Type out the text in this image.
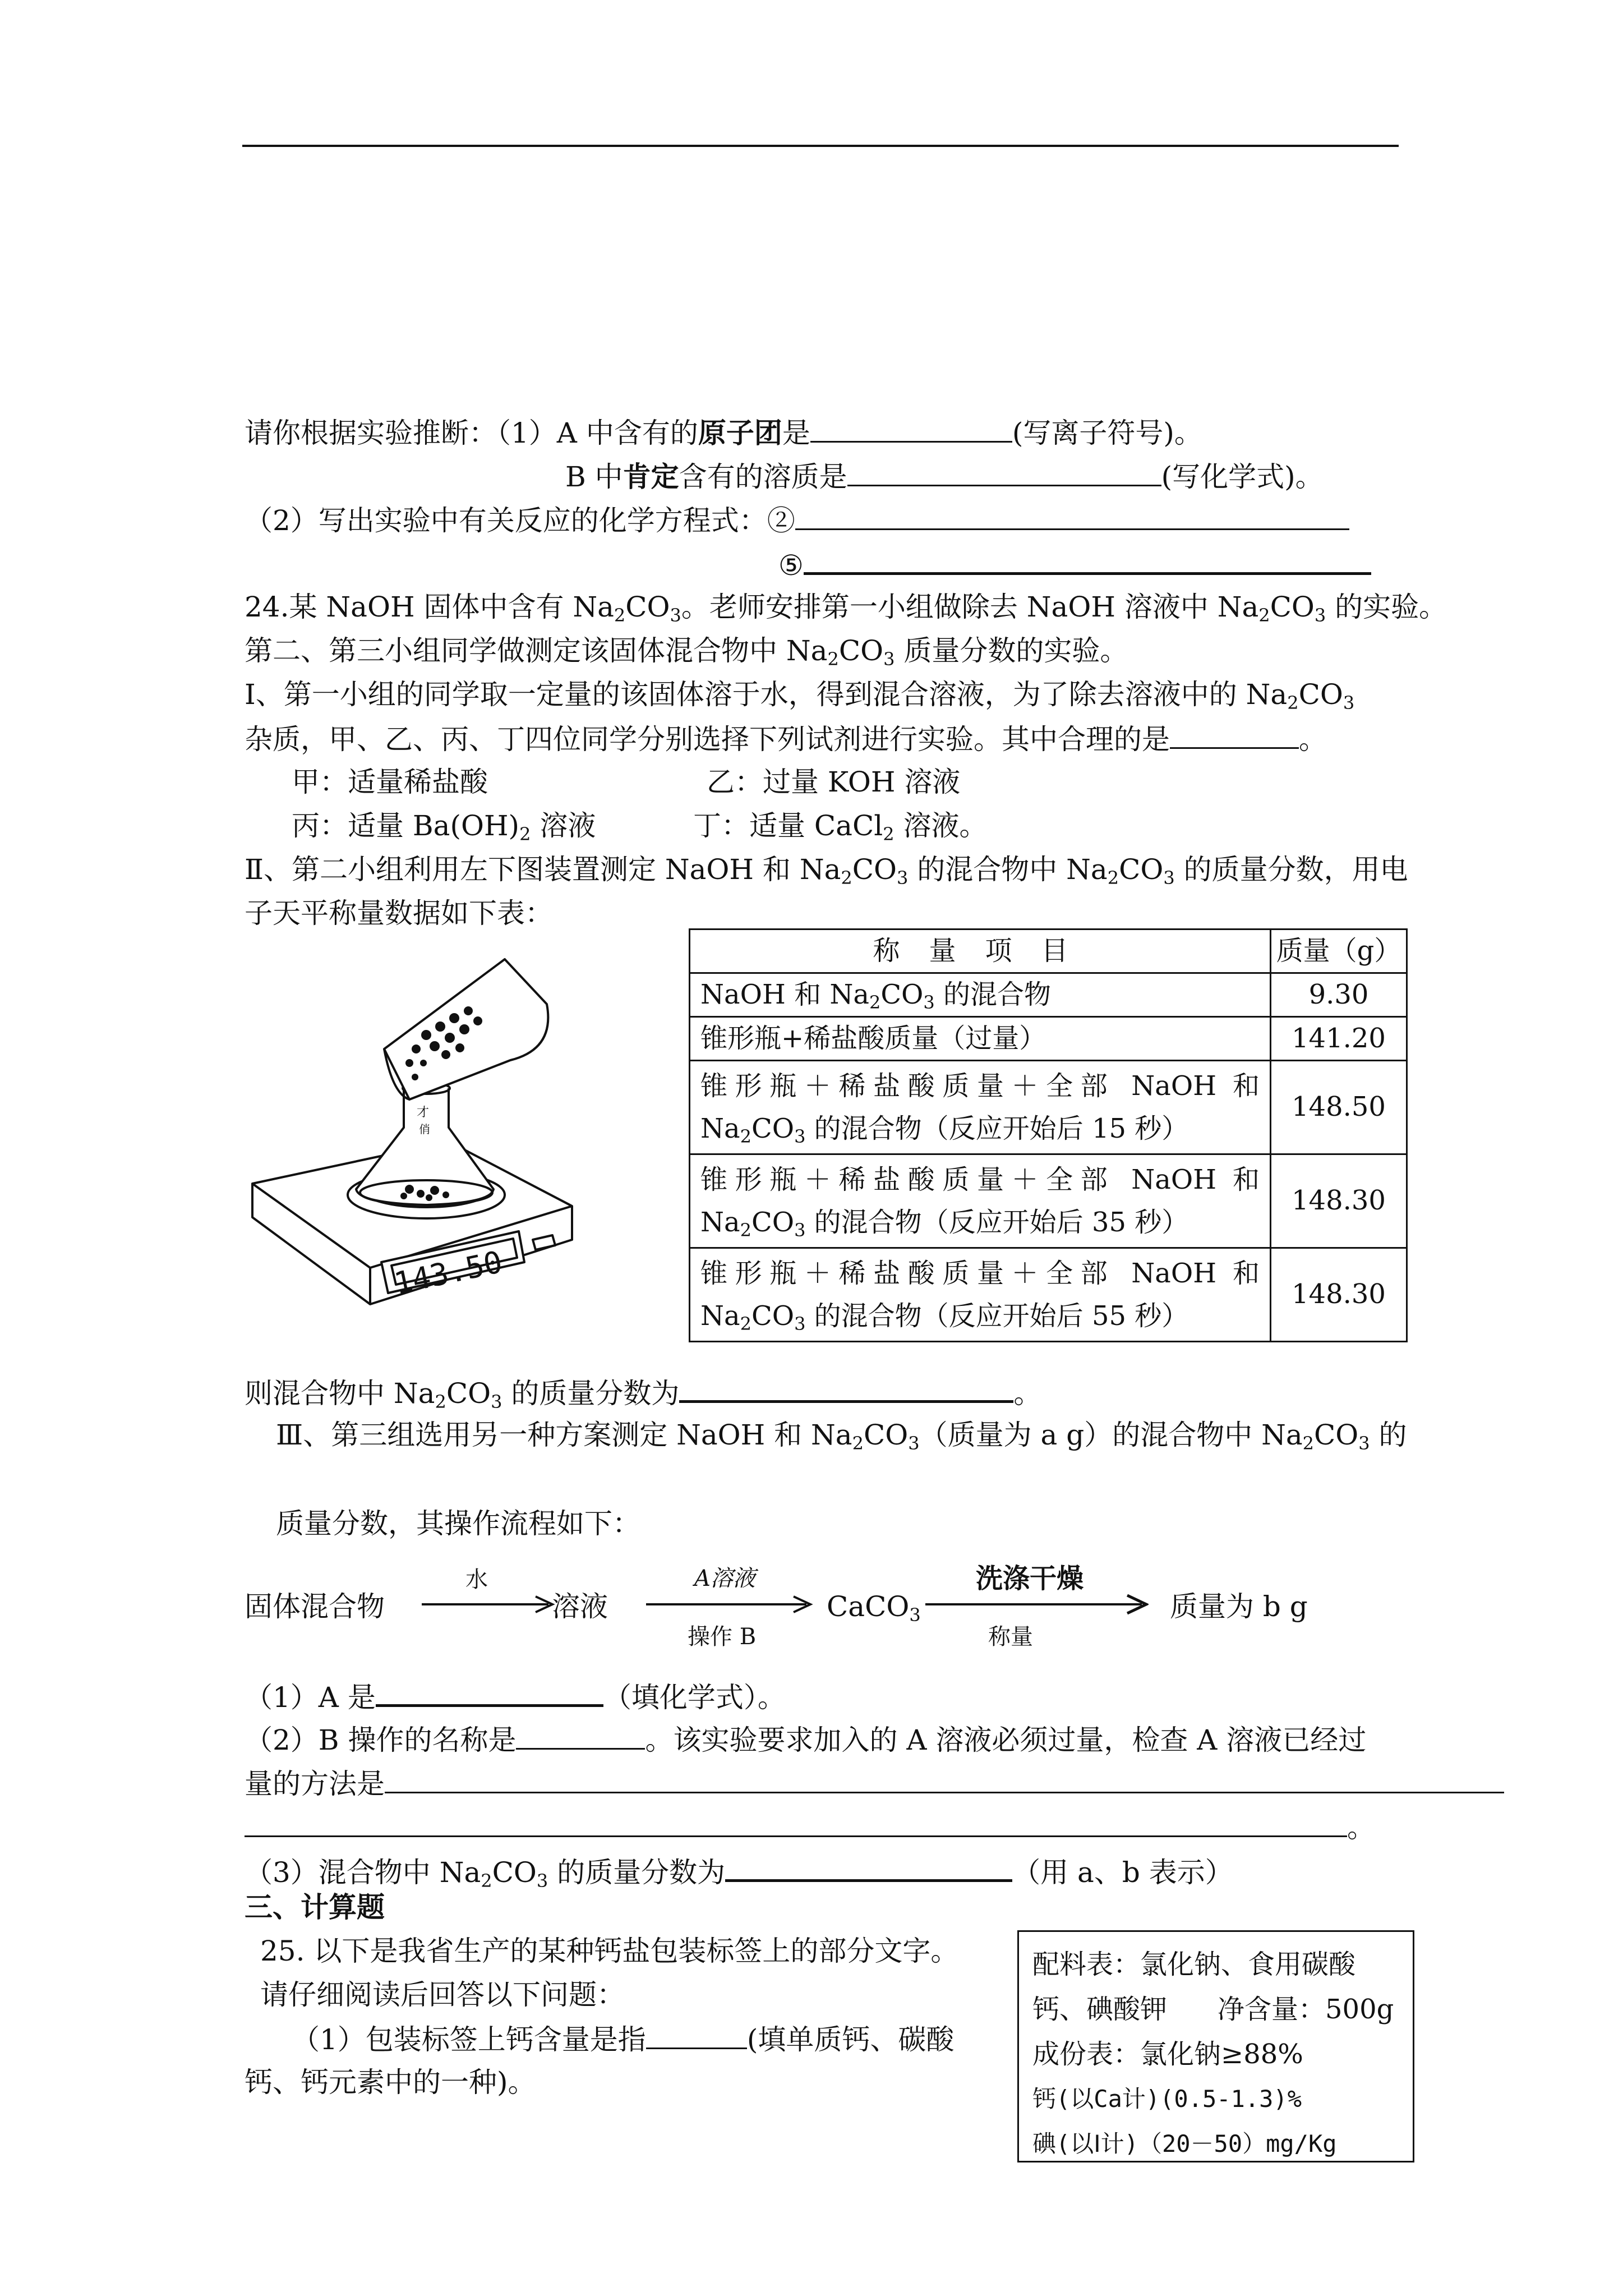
请你根据实验推断：（1）A 中含有的原子团是	(写离子符号)。
B 中肯定含有的溶质是	(写化学式)。
（2）写出实验中有关反应的化学方程式：②
⑤
24.某 NaOH 固体中含有 $Na_2CO_3$。老师安排第一小组做除去 NaOH 溶液中 $Na_2CO_3$ 的实验。
第二、第三小组同学做测定该固体混合物中 $Na_2CO_3$ 质量分数的实验。
Ⅰ、第一小组的同学取一定量的该固体溶于水，得到混合溶液，为了除去溶液中的 $Na_2CO_3$
杂质，甲、乙、丙、丁四位同学分别选择下列试剂进行实验。其中合理的是	。
甲：适量稀盐酸	乙：过量 KOH 溶液
丙：适量 $Ba(OH)_2$ 溶液	丁：适量 CaCl$_2$ 溶液。
Ⅱ、第二小组利用左下图装置测定 NaOH 和 $Na_2CO_3$ 的混合物中 $Na_2CO_3$ 的质量分数，用电
子天平称量数据如下表：
才
俏
143.50
称量项目	质量（g）
NaOH 和 $Na_2CO_3$ 的混合物	9.30
锥形瓶+稀盐酸质量（过量）	141.20

锥形瓶＋稀盐酸质量＋全部 NaOH 和
$Na_2CO_3$ 的混合物（反应开始后 15 秒）	148.50

锥形瓶＋稀盐酸质量＋全部 NaOH 和
$Na_2CO_3$ 的混合物（反应开始后 35 秒）	148.30

锥形瓶＋稀盐酸质量＋全部 NaOH 和
$Na_2CO_3$ 的混合物（反应开始后 55 秒）	148.30
则混合物中 $Na_2CO_3$ 的质量分数为	。
Ⅲ、第三组选用另一种方案测定 NaOH 和 $Na_2CO_3$（质量为 a g）的混合物中 $Na_2CO_3$ 的
质量分数，其操作流程如下：
固体混合物
水
溶液
A溶液
操作 B
CaCO$_3$
洗涤干燥
称量
质量为 b g
（1）A 是	（填化学式）。
（2）B 操作的名称是	。该实验要求加入的 A 溶液必须过量，检查 A 溶液已经过
量的方法是
。
（3）混合物中 $Na_2CO_3$ 的质量分数为	（用 a、b 表示）
三、计算题
25. 以下是我省生产的某种钙盐包装标签上的部分文字。
请仔细阅读后回答以下问题：
（1）包装标签上钙含量是指	(填单质钙、碳酸
钙、钙元素中的一种)。
配料表：氯化钠、食用碳酸
钙、碘酸钾 净含量：500g
成份表：氯化钠≥88%
钙(以Ca计)(0.5-1.3)%
碘(以Ⅰ计)（20－50）mg/Kg
